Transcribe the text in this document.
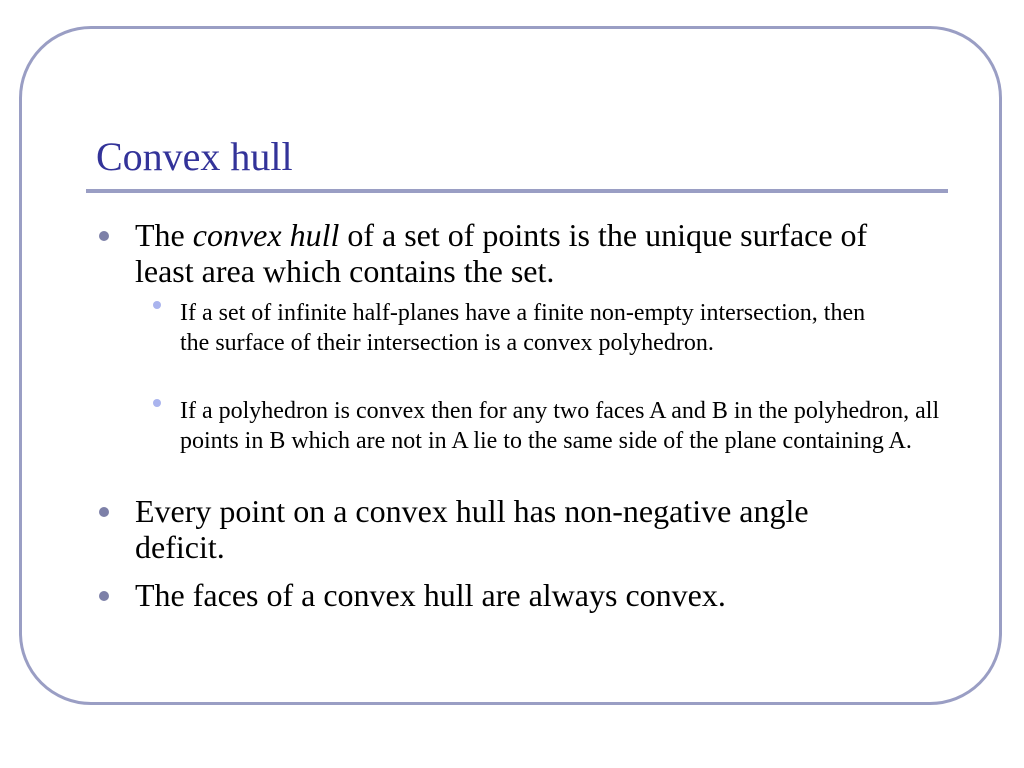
Convex hull
The convex hull of a set of points is the unique surface of least area which contains the set.
If a set of infinite half-planes have a finite non-empty intersection, then the surface of their intersection is a convex polyhedron.
If a polyhedron is convex then for any two faces A and B in the polyhedron, all points in B which are not in A lie to the same side of the plane containing A.
Every point on a convex hull has non-negative angle deficit.
The faces of a convex hull are always convex.
